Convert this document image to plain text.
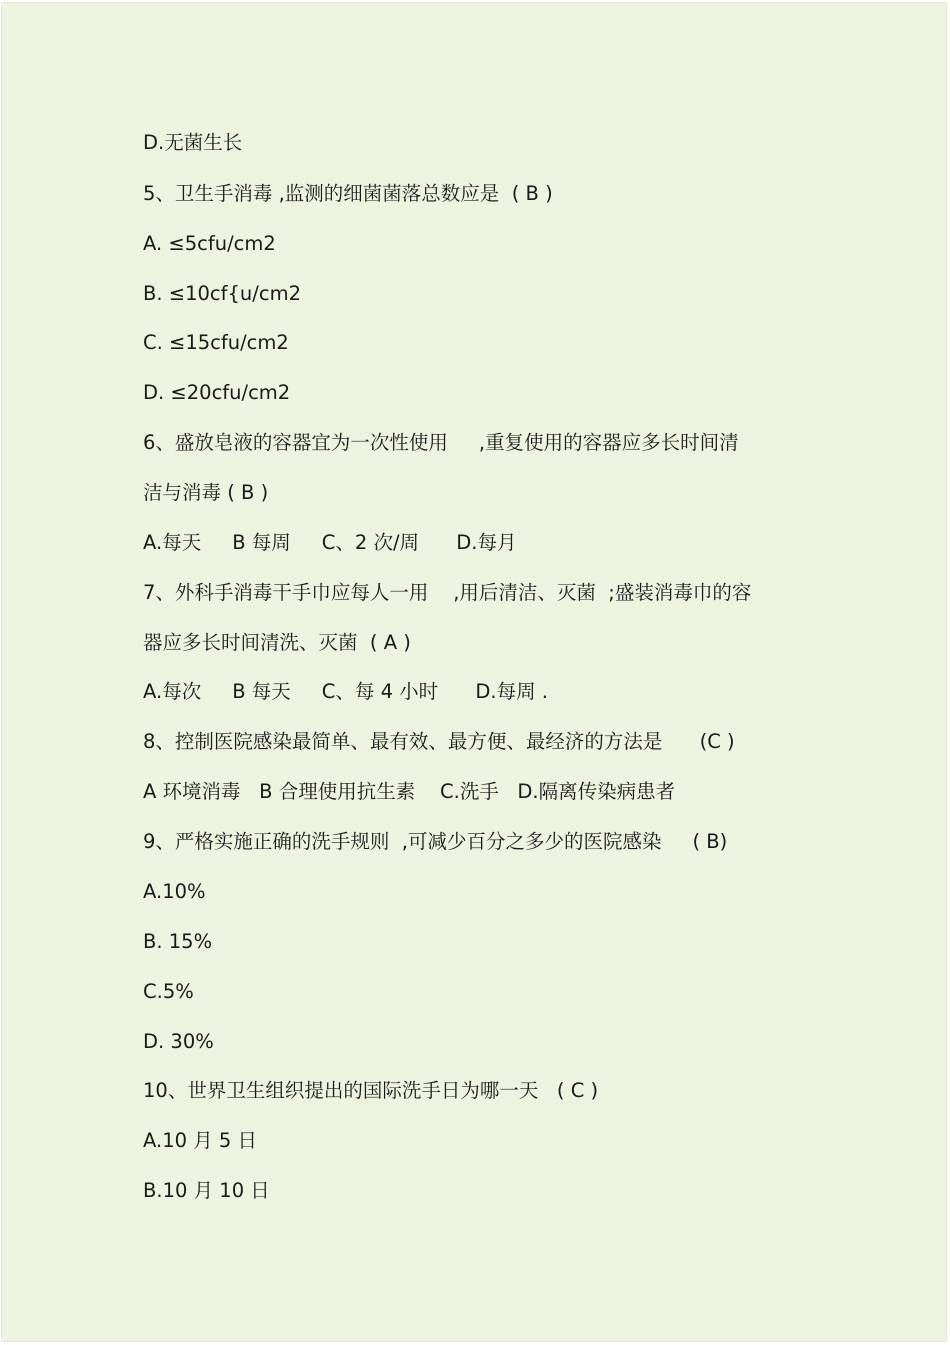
D.无菌生长

5、卫生手消毒 ,监测的细菌菌落总数应是  ( B )

A. ≤5cfu/cm2

B. ≤10cf{u/cm2

C. ≤15cfu/cm2

D. ≤20cfu/cm2

6、盛放皂液的容器宜为一次性使用     ,重复使用的容器应多长时间清

洁与消毒 ( B )

A.每天     B 每周     C、2 次/周      D.每月

7、外科手消毒干手巾应每人一用    ,用后清洁、灭菌  ;盛装消毒巾的容

器应多长时间清洗、灭菌  ( A )

A.每次     B 每天     C、每 4 小时      D.每周 .

8、控制医院感染最简单、最有效、最方便、最经济的方法是      (C )

A 环境消毒   B 合理使用抗生素    C.洗手   D.隔离传染病患者

9、严格实施正确的洗手规则  ,可减少百分之多少的医院感染     ( B)

A.10%

B. 15%

C.5%

D. 30%

10、世界卫生组织提出的国际洗手日为哪一天   ( C )

A.10 月 5 日

B.10 月 10 日
